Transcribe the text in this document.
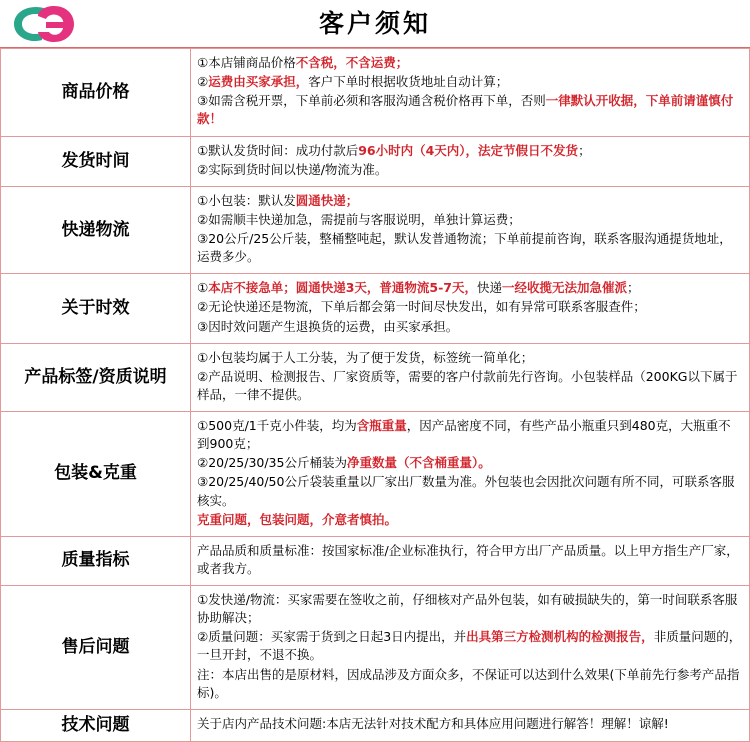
客户须知
商品价格	①本店铺商品价格不含税，不含运费；

②运费由买家承担，客户下单时根据收货地址自动计算；

③如需含税开票，下单前必须和客服沟通含税价格再下单，否则一律默认开收据，下单前请谨慎付款！

发货时间	①默认发货时间：成功付款后96小时内（4天内），法定节假日不发货；

②实际到货时间以快递/物流为准。

快递物流	①小包装：默认发圆通快递；

②如需顺丰快递加急，需提前与客服说明，单独计算运费；

③20公斤/25公斤装，整桶整吨起，默认发普通物流；下单前提前咨询，联系客服沟通提货地址，运费多少。

关于时效	①本店不接急单；圆通快递3天，普通物流5-7天，快递一经收揽无法加急催派；

②无论快递还是物流，下单后都会第一时间尽快发出，如有异常可联系客服查件；

③因时效问题产生退换货的运费，由买家承担。

产品标签/资质说明	①小包装均属于人工分装，为了便于发货，标签统一简单化；

②产品说明、检测报告、厂家资质等，需要的客户付款前先行咨询。小包装样品（200KG以下属于样品，一律不提供。

包装&克重	①500克/1千克小件装，均为含瓶重量，因产品密度不同，有些产品小瓶重只到480克，大瓶重不到900克；

②20/25/30/35公斤桶装为净重数量（不含桶重量）。

③20/25/40/50公斤袋装重量以厂家出厂数量为准。外包装也会因批次问题有所不同，可联系客服核实。

克重问题，包装问题，介意者慎拍。

质量指标	产品品质和质量标准：按国家标准/企业标准执行，符合甲方出厂产品质量。以上甲方指生产厂家，或者我方。

售后问题	①发快递/物流：买家需要在签收之前，仔细核对产品外包装，如有破损缺失的，第一时间联系客服协助解决；

②质量问题：买家需于货到之日起3日内提出，并出具第三方检测机构的检测报告，非质量问题的，一旦开封，不退不换。

注：本店出售的是原材料，因成品涉及方面众多，不保证可以达到什么效果(下单前先行参考产品指标)。

技术问题	关于店内产品技术问题:本店无法针对技术配方和具体应用问题进行解答！理解！谅解!
